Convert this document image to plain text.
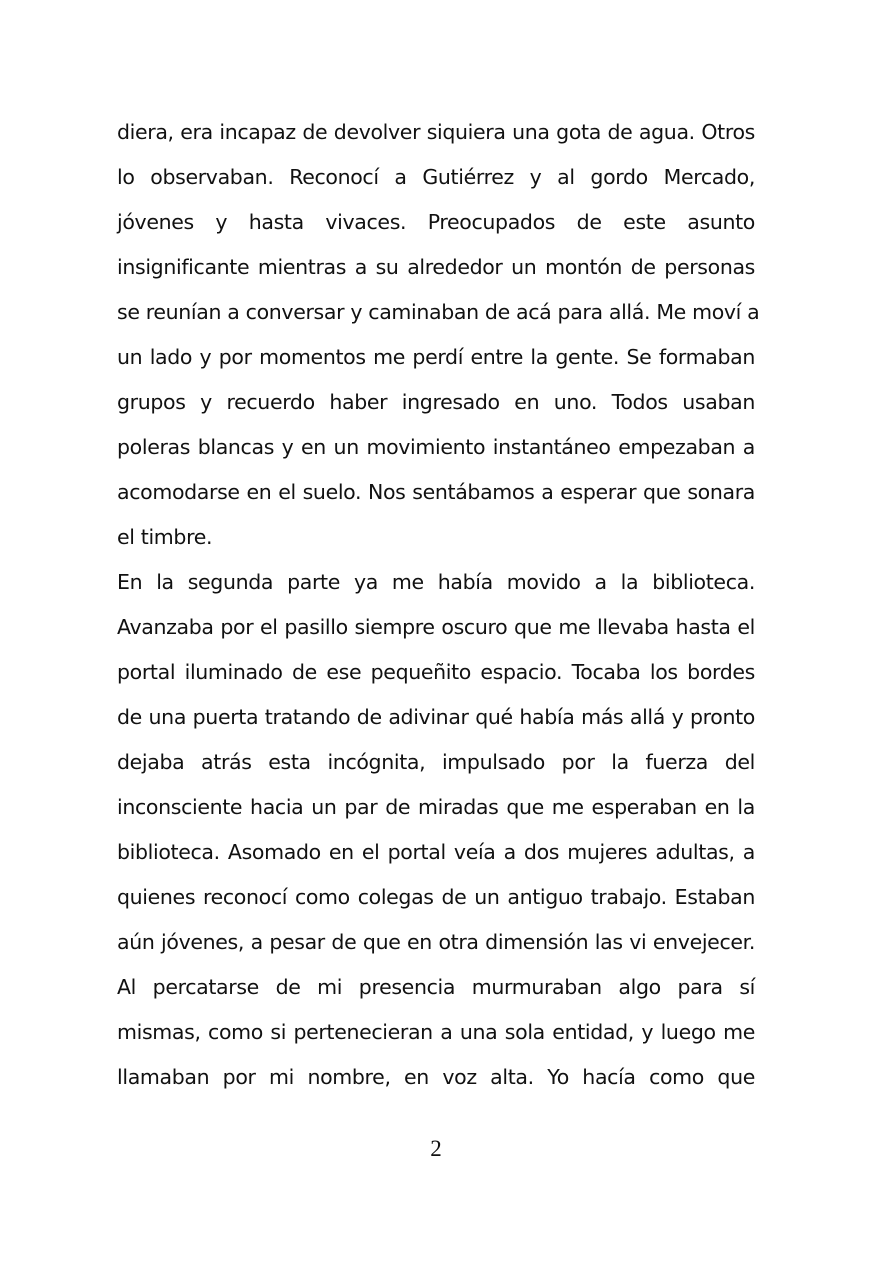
diera, era incapaz de devolver siquiera una gota de agua. Otros
lo observaban. Reconocí a Gutiérrez y al gordo Mercado,
jóvenes y hasta vivaces. Preocupados de este asunto
insignificante mientras a su alrededor un montón de personas
se reunían a conversar y caminaban de acá para allá. Me moví a
un lado y por momentos me perdí entre la gente. Se formaban
grupos y recuerdo haber ingresado en uno. Todos usaban
poleras blancas y en un movimiento instantáneo empezaban a
acomodarse en el suelo. Nos sentábamos a esperar que sonara
el timbre.
En la segunda parte ya me había movido a la biblioteca.
Avanzaba por el pasillo siempre oscuro que me llevaba hasta el
portal iluminado de ese pequeñito espacio. Tocaba los bordes
de una puerta tratando de adivinar qué había más allá y pronto
dejaba atrás esta incógnita, impulsado por la fuerza del
inconsciente hacia un par de miradas que me esperaban en la
biblioteca. Asomado en el portal veía a dos mujeres adultas, a
quienes reconocí como colegas de un antiguo trabajo. Estaban
aún jóvenes, a pesar de que en otra dimensión las vi envejecer.
Al percatarse de mi presencia murmuraban algo para sí
mismas, como si pertenecieran a una sola entidad, y luego me
llamaban por mi nombre, en voz alta. Yo hacía como que
2
